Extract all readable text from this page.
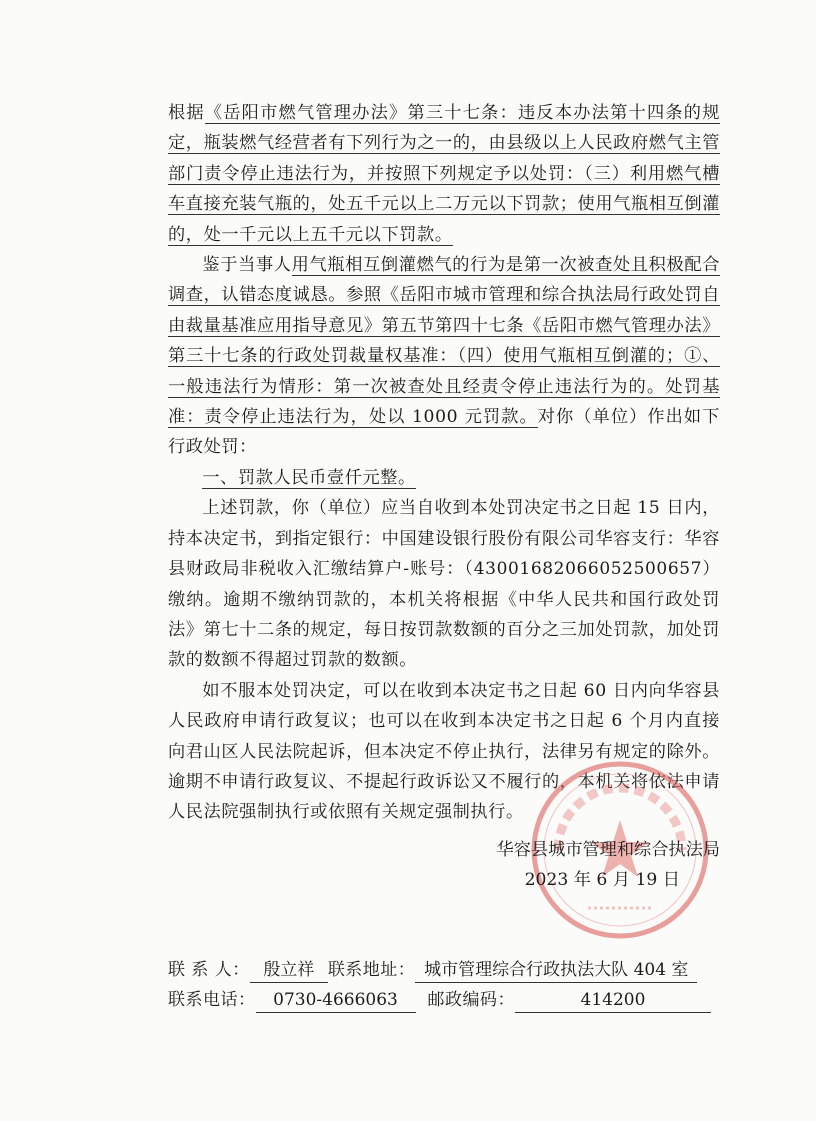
根据《岳阳市燃气管理办法》第三十七条：违反本办法第十四条的规定，瓶装燃气经营者有下列行为之一的，由县级以上人民政府燃气主管部门责令停止违法行为，并按照下列规定予以处罚：（三）利用燃气槽车直接充装气瓶的，处五千元以上二万元以下罚款；使用气瓶相互倒灌的，处一千元以上五千元以下罚款。

鉴于当事人用气瓶相互倒灌燃气的行为是第一次被查处且积极配合调查，认错态度诚恳。参照《岳阳市城市管理和综合执法局行政处罚自由裁量基准应用指导意见》第五节第四十七条《岳阳市燃气管理办法》第三十七条的行政处罚裁量权基准：（四）使用气瓶相互倒灌的；①、一般违法行为情形：第一次被查处且经责令停止违法行为的。处罚基准：责令停止违法行为，处以 1000 元罚款。对你（单位）作出如下行政处罚：

一、罚款人民币壹仟元整。

上述罚款，你（单位）应当自收到本处罚决定书之日起 15 日内，持本决定书，到指定银行：中国建设银行股份有限公司华容支行：华容县财政局非税收入汇缴结算户-账号：（43001682066052500657）缴纳。逾期不缴纳罚款的，本机关将根据《中华人民共和国行政处罚法》第七十二条的规定，每日按罚款数额的百分之三加处罚款，加处罚款的数额不得超过罚款的数额。

如不服本处罚决定，可以在收到本决定书之日起 60 日内向华容县人民政府申请行政复议；也可以在收到本决定书之日起 6 个月内直接向君山区人民法院起诉，但本决定不停止执行，法律另有规定的除外。逾期不申请行政复议、不提起行政诉讼又不履行的，本机关将依法申请人民法院强制执行或依照有关规定强制执行。

华容县城市管理和综合执法局
2023 年 6 月 19 日
联 系 人： 殷立祥 联系地址： 城市管理综合行政执法大队 404 室
联系电话：	0730-4666063	邮政编码：	414200
